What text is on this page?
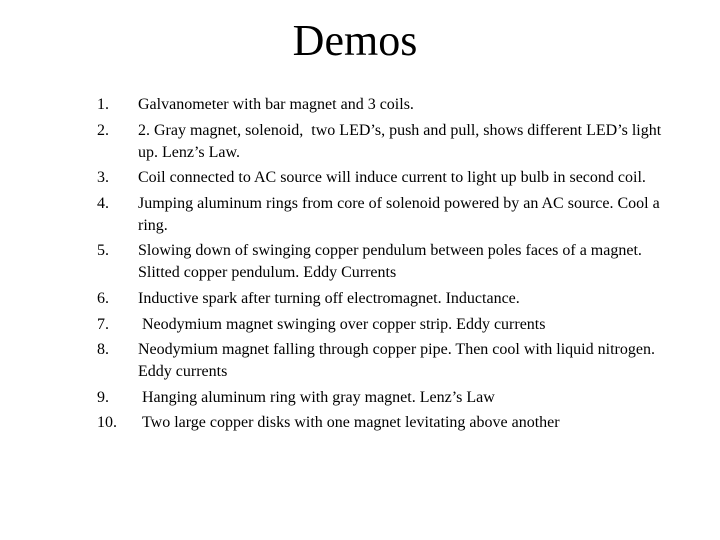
Demos
1. Galvanometer with bar magnet and 3 coils.
2. 2. Gray magnet, solenoid,  two LED’s, push and pull, shows different LED’s light up. Lenz’s Law.
3. Coil connected to AC source will induce current to light up bulb in second coil.
4. Jumping aluminum rings from core of solenoid powered by an AC source. Cool a ring.
5. Slowing down of swinging copper pendulum between poles faces of a magnet. Slitted copper pendulum. Eddy Currents
6. Inductive spark after turning off electromagnet. Inductance.
7. Neodymium magnet swinging over copper strip. Eddy currents
8. Neodymium magnet falling through copper pipe. Then cool with liquid nitrogen. Eddy currents
9. Hanging aluminum ring with gray magnet. Lenz’s Law
10. Two large copper disks with one magnet levitating above another
